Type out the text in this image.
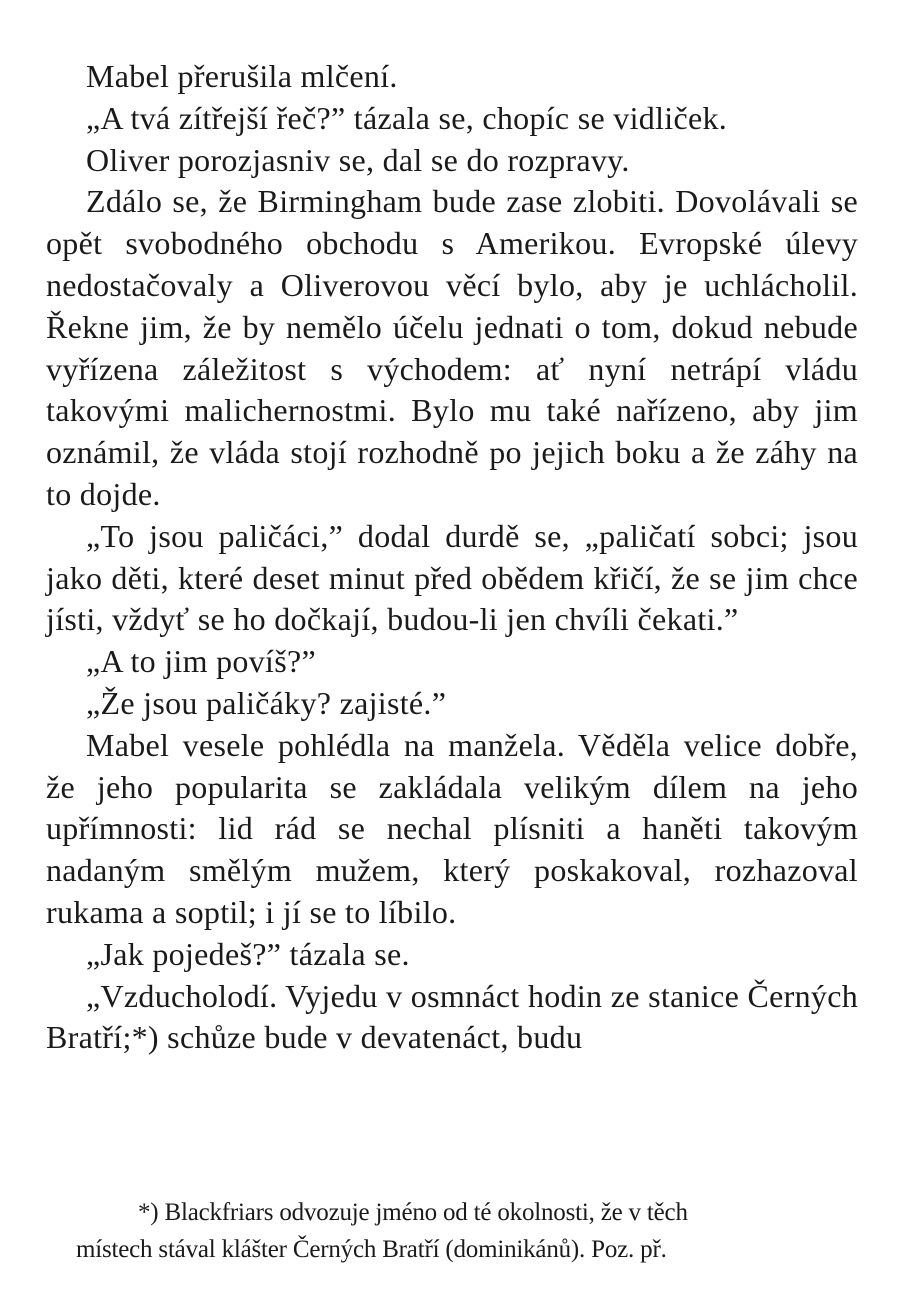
Mabel přerušila mlčení.

„A tvá zítřejší řeč?” tázala se, chopíc se vidliček.

Oliver porozjasniv se, dal se do rozpravy.

Zdálo se, že Birmingham bude zase zlobiti. Dovolávali se opět svobodného obchodu s Amerikou. Evropské úlevy nedostačovaly a Oliverovou věcí bylo, aby je uchlácholil. Řekne jim, že by nemělo účelu jednati o tom, dokud nebude vyřízena záležitost s východem: ať nyní netrápí vládu takovými malichernostmi. Bylo mu také nařízeno, aby jim oznámil, že vláda stojí rozhodně po jejich boku a že záhy na to dojde.

„To jsou paličáci,” dodal durdě se, „paličatí sobci; jsou jako děti, které deset minut před obědem křičí, že se jim chce jísti, vždyť se ho dočkají, budou-li jen chvíli čekati.”

„A to jim povíš?”

„Že jsou paličáky? zajisté.”

Mabel vesele pohlédla na manžela. Věděla velice dobře, že jeho popularita se zakládala velikým dílem na jeho upřímnosti: lid rád se nechal plísniti a haněti takovým nadaným smělým mužem, který poskakoval, rozhazoval rukama a soptil; i jí se to líbilo.

„Jak pojedeš?” tázala se.

„Vzducholodí. Vyjedu v osmnáct hodin ze stanice Černých Bratří;*) schůze bude v devatenáct, budu

*) Blackfriars odvozuje jméno od té okolnosti, že v těch
místech stával klášter Černých Bratří (dominikánů). Poz. př.
